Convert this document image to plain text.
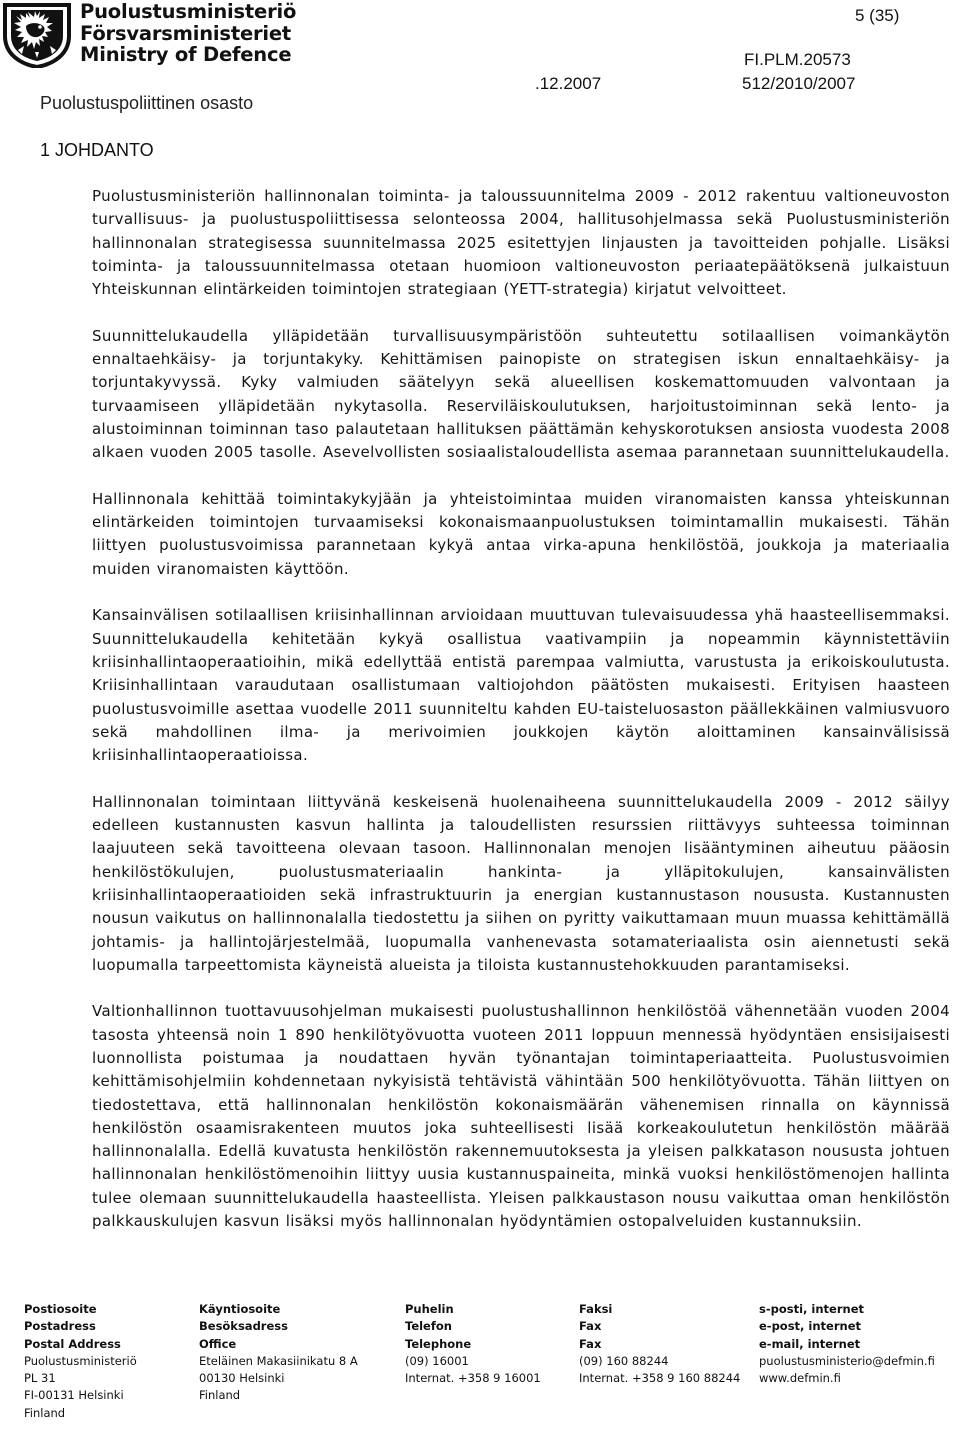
Puolustusministeriö
Försvarsministeriet
Ministry of Defence
Puolustuspoliittinen osasto
5 (35)
FI.PLM.20573
.12.2007	512/2010/2007
1 JOHDANTO

Puolustusministeriön hallinnonalan toiminta- ja taloussuunnitelma 2009 - 2012 rakentuu valtioneuvoston turvallisuus- ja puolustuspoliittisessa selonteossa 2004, hallitusohjelmassa sekä Puolustusministeriön hallinnonalan strategisessa suunnitelmassa 2025 esitettyjen linjausten ja tavoitteiden pohjalle. Lisäksi toiminta- ja taloussuunnitelmassa otetaan huomioon valtioneuvoston periaatepäätöksenä julkaistuun Yhteiskunnan elintärkeiden toimintojen strategiaan (YETT-strategia) kirjatut velvoitteet.

Suunnittelukaudella ylläpidetään turvallisuusympäristöön suhteutettu sotilaallisen voimankäytön ennaltaehkäisy- ja torjuntakyky. Kehittämisen painopiste on strategisen iskun ennaltaehkäisy- ja torjuntakyvyssä. Kyky valmiuden säätelyyn sekä alueellisen koskemattomuuden valvontaan ja turvaamiseen ylläpidetään nykytasolla. Reserviläiskoulutuksen, harjoitustoiminnan sekä lento- ja alustoiminnan toiminnan taso palautetaan hallituksen päättämän kehyskorotuksen ansiosta vuodesta 2008 alkaen vuoden 2005 tasolle. Asevelvollisten sosiaalistaloudellista asemaa parannetaan suunnittelukaudella.

Hallinnonala kehittää toimintakykyjään ja yhteistoimintaa muiden viranomaisten kanssa yhteiskunnan elintärkeiden toimintojen turvaamiseksi kokonaismaanpuolustuksen toimintamallin mukaisesti. Tähän liittyen puolustusvoimissa parannetaan kykyä antaa virka-apuna henkilöstöä, joukkoja ja materiaalia muiden viranomaisten käyttöön.

Kansainvälisen sotilaallisen kriisinhallinnan arvioidaan muuttuvan tulevaisuudessa yhä haasteellisemmaksi. Suunnittelukaudella kehitetään kykyä osallistua vaativampiin ja nopeammin käynnistettäviin kriisinhallintaoperaatioihin, mikä edellyttää entistä parempaa valmiutta, varustusta ja erikoiskoulutusta. Kriisinhallintaan varaudutaan osallistumaan valtiojohdon päätösten mukaisesti. Erityisen haasteen puolustusvoimille asettaa vuodelle 2011 suunniteltu kahden EU-taisteluosaston päällekkäinen valmiusvuoro sekä mahdollinen ilma- ja merivoimien joukkojen käytön aloittaminen kansainvälisissä kriisinhallintaoperaatioissa.

Hallinnonalan toimintaan liittyvänä keskeisenä huolenaiheena suunnittelukaudella 2009 - 2012 säilyy edelleen kustannusten kasvun hallinta ja taloudellisten resurssien riittävyys suhteessa toiminnan laajuuteen sekä tavoitteena olevaan tasoon. Hallinnonalan menojen lisääntyminen aiheutuu pääosin henkilöstökulujen, puolustusmateriaalin hankinta- ja ylläpitokulujen, kansainvälisten kriisinhallintaoperaatioiden sekä infrastruktuurin ja energian kustannustason noususta. Kustannusten nousun vaikutus on hallinnonalalla tiedostettu ja siihen on pyritty vaikuttamaan muun muassa kehittämällä johtamis- ja hallintojärjestelmää, luopumalla vanhenevasta sotamateriaalista osin aiennetusti sekä luopumalla tarpeettomista käyneistä alueista ja tiloista kustannustehokkuuden parantamiseksi.

Valtionhallinnon tuottavuusohjelman mukaisesti puolustushallinnon henkilöstöä vähennetään vuoden 2004 tasosta yhteensä noin 1 890 henkilötyövuotta vuoteen 2011 loppuun mennessä hyödyntäen ensisijaisesti luonnollista poistumaa ja noudattaen hyvän työnantajan toimintaperiaatteita. Puolustusvoimien kehittämisohjelmiin kohdennetaan nykyisistä tehtävistä vähintään 500 henkilötyövuotta. Tähän liittyen on tiedostettava, että hallinnonalan henkilöstön kokonaismäärän vähenemisen rinnalla on käynnissä henkilöstön osaamisrakenteen muutos joka suhteellisesti lisää korkeakoulutetun henkilöstön määrää hallinnonalalla. Edellä kuvatusta henkilöstön rakennemuutoksesta ja yleisen palkkatason noususta johtuen hallinnonalan henkilöstömenoihin liittyy uusia kustannuspaineita, minkä vuoksi henkilöstömenojen hallinta tulee olemaan suunnittelukaudella haasteellista. Yleisen palkkaustason nousu vaikuttaa oman henkilöstön palkkauskulujen kasvun lisäksi myös hallinnonalan hyödyntämien ostopalveluiden kustannuksiin.

Postiosoite
Postadress
Postal Address
Puolustusministeriö
PL 31
FI-00131 Helsinki
Finland
Käyntiosoite
Besöksadress
Office
Eteläinen Makasiinikatu 8 A
00130 Helsinki
Finland
Puhelin
Telefon
Telephone
(09) 16001
Internat. +358 9 16001
Faksi
Fax
Fax
(09) 160 88244
Internat. +358 9 160 88244
s-posti, internet
e-post, internet
e-mail, internet
puolustusministerio@defmin.fi
www.defmin.fi
